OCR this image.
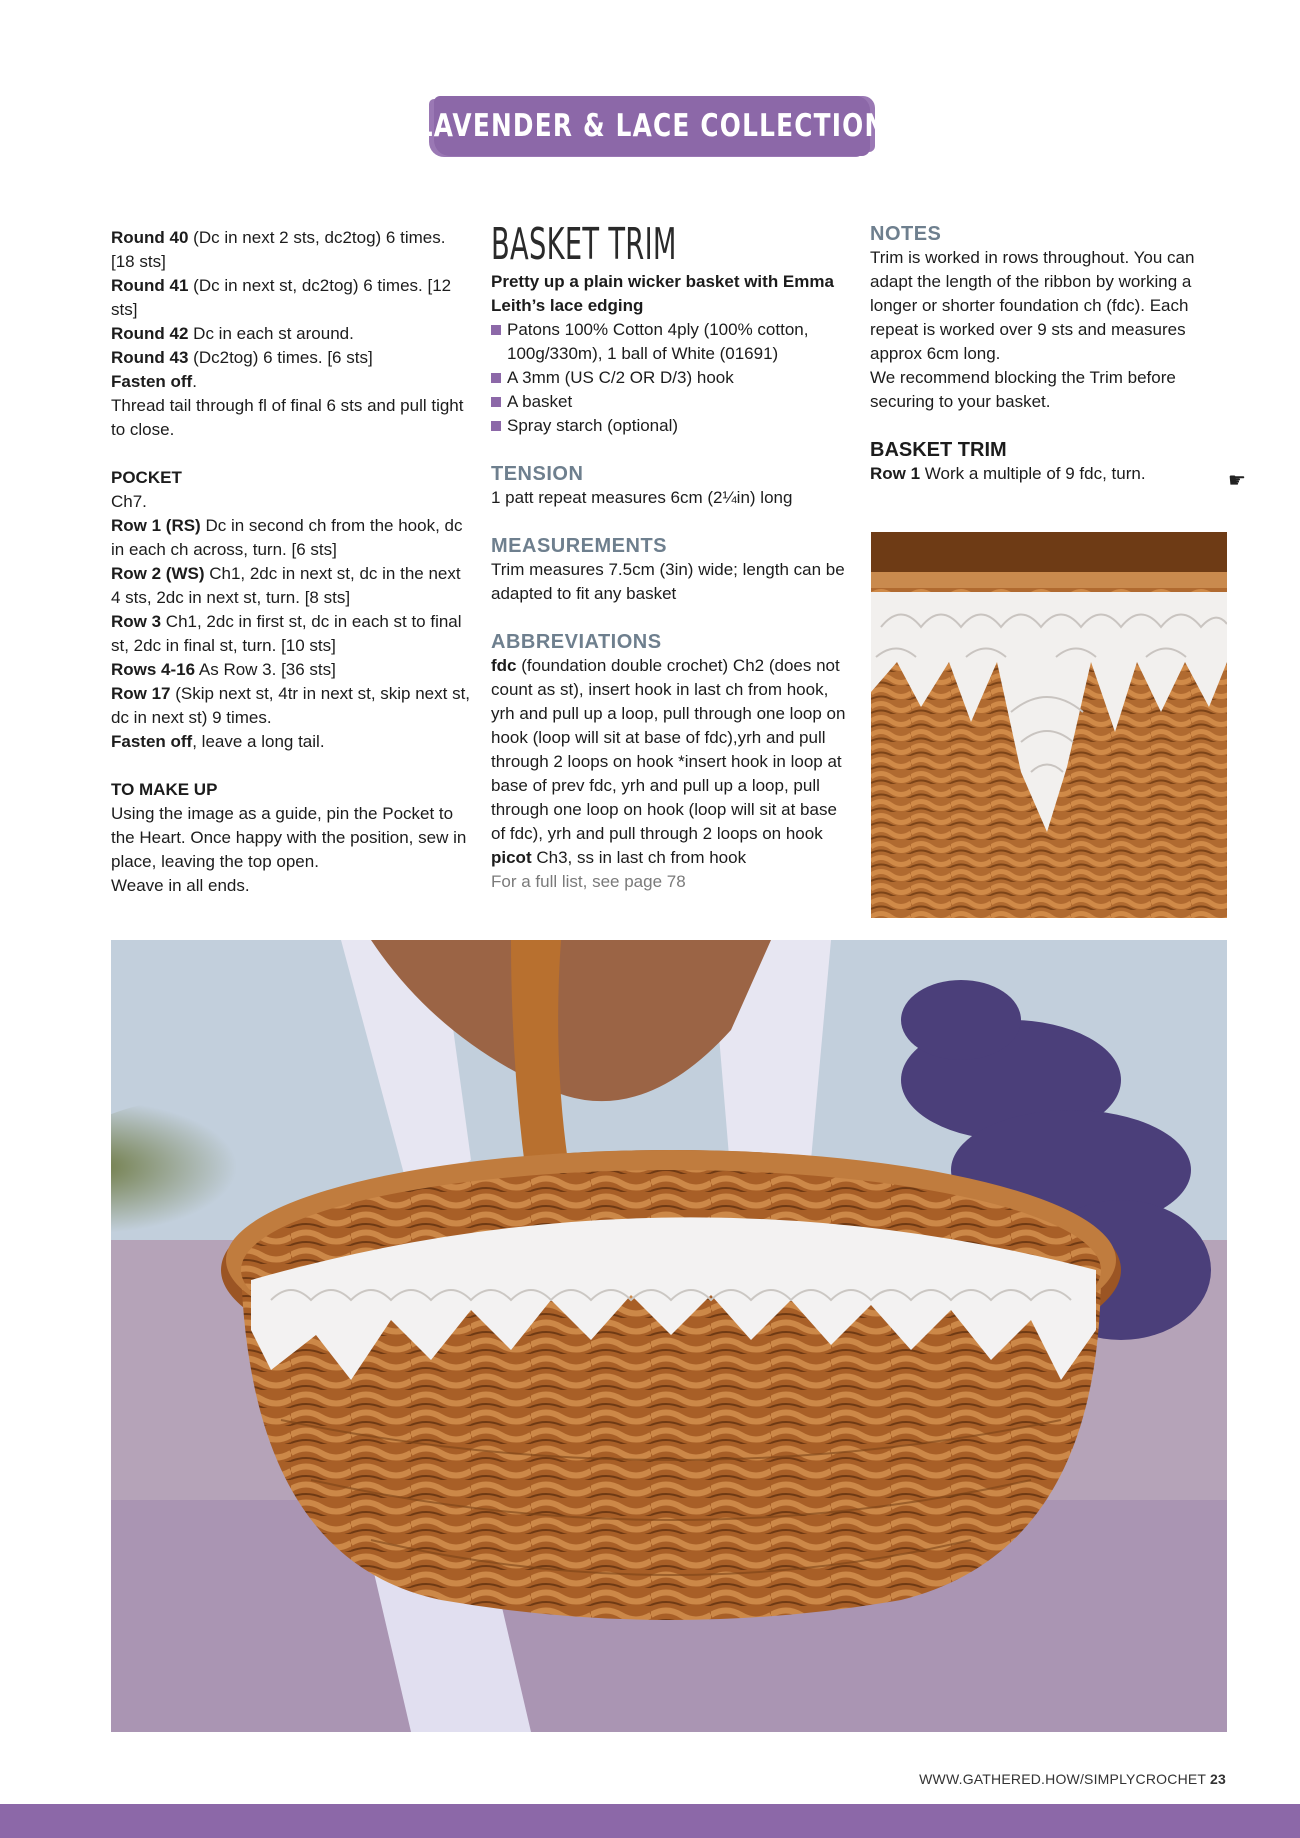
LAVENDER & LACE COLLECTION

Round 40 (Dc in next 2 sts, dc2tog) 6 times. [18 sts]

Round 41 (Dc in next st, dc2tog) 6 times. [12 sts]

Round 42 Dc in each st around.

Round 43 (Dc2tog) 6 times. [6 sts]

Fasten off.

Thread tail through fl of final 6 sts and pull tight to close.

POCKET

Ch7.

Row 1 (RS) Dc in second ch from the hook, dc in each ch across, turn. [6 sts]

Row 2 (WS) Ch1, 2dc in next st, dc in the next 4 sts, 2dc in next st, turn. [8 sts]

Row 3 Ch1, 2dc in first st, dc in each st to final st, 2dc in final st, turn. [10 sts]

Rows 4-16 As Row 3. [36 sts]

Row 17 (Skip next st, 4tr in next st, skip next st, dc in next st) 9 times.

Fasten off, leave a long tail.

TO MAKE UP

Using the image as a guide, pin the Pocket to the Heart. Once happy with the position, sew in place, leaving the top open.

Weave in all ends.

BASKET TRIM

Pretty up a plain wicker basket with Emma Leith’s lace edging

Patons 100% Cotton 4ply (100% cotton, 100g/330m), 1 ball of White (01691)
A 3mm (US C/2 OR D/3) hook
A basket
Spray starch (optional)

TENSION

1 patt repeat measures 6cm (2¼in) long

MEASUREMENTS

Trim measures 7.5cm (3in) wide; length can be adapted to fit any basket

ABBREVIATIONS

fdc (foundation double crochet) Ch2 (does not count as st), insert hook in last ch from hook, yrh and pull up a loop, pull through one loop on hook (loop will sit at base of fdc),yrh and pull through 2 loops on hook *insert hook in loop at base of prev fdc, yrh and pull up a loop, pull through one loop on hook (loop will sit at base of fdc), yrh and pull through 2 loops on hook

picot Ch3, ss in last ch from hook

For a full list, see page 78

NOTES

Trim is worked in rows throughout. You can adapt the length of the ribbon by working a longer or shorter foundation ch (fdc). Each repeat is worked over 9 sts and measures approx 6cm long.

We recommend blocking the Trim before securing to your basket.

BASKET TRIM

Row 1 Work a multiple of 9 fdc, turn.	☛
WWW.GATHERED.HOW/SIMPLYCROCHET 23
